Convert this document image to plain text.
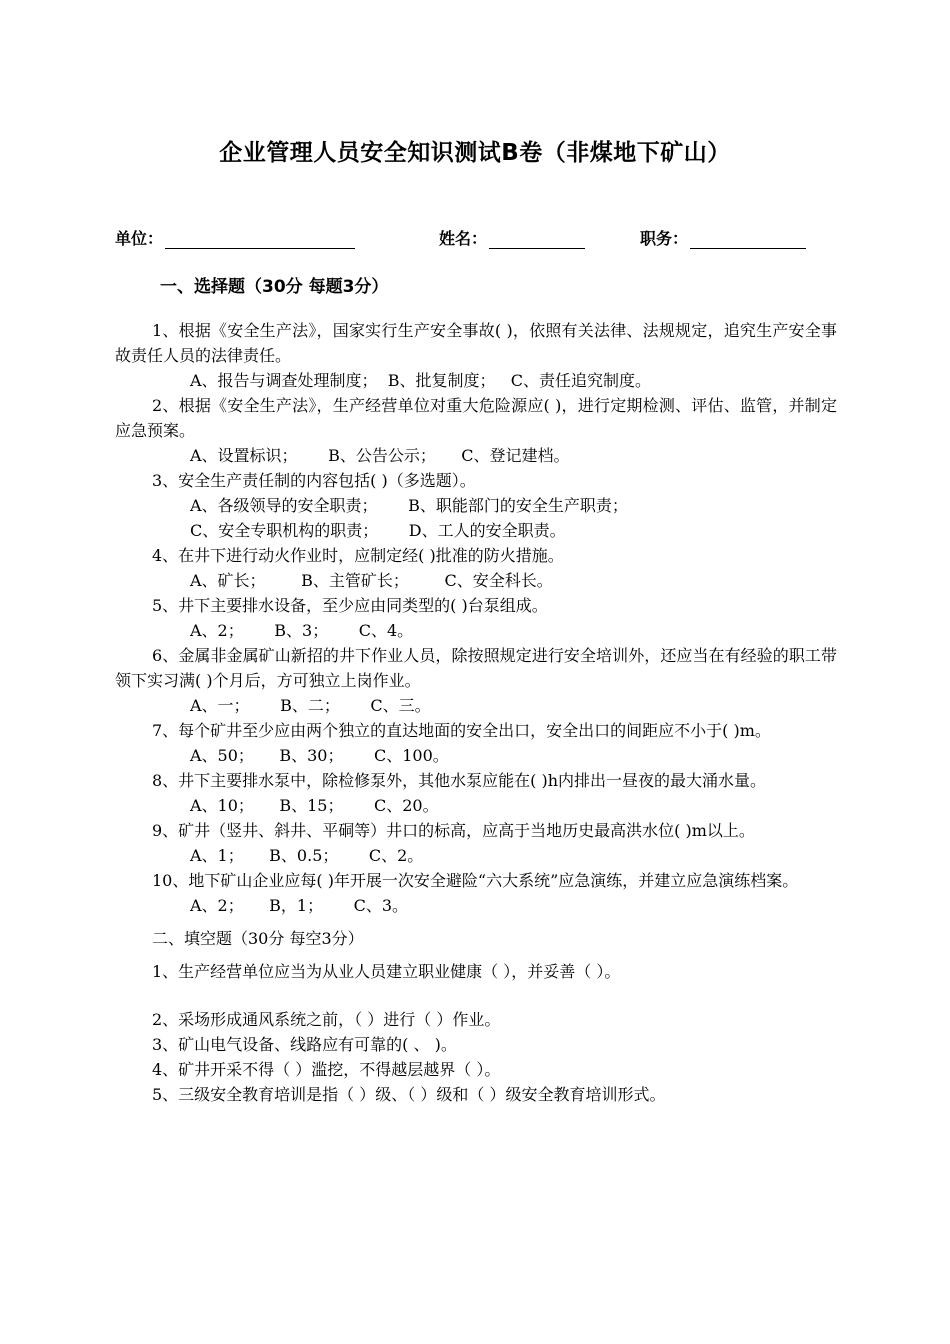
企业管理人员安全知识测试B卷（非煤地下矿山）
单位：	姓名：	职务：
一、选择题（30分 每题3分）

1、根据《安全生产法》，国家实行生产安全事故( )，依照有关法律、法规规定，追究生产安全事故责任人员的法律责任。

A、报告与调查处理制度；  B、批复制度；   C、责任追究制度。

2、根据《安全生产法》，生产经营单位对重大危险源应( )，进行定期检测、评估、监管，并制定应急预案。

A、设置标识；      B、公告公示；     C、登记建档。

3、安全生产责任制的内容包括( )（多选题）。

A、各级领导的安全职责；      B、职能部门的安全生产职责；

C、安全专职机构的职责；      D、工人的安全职责。

4、在井下进行动火作业时，应制定经( )批准的防火措施。

A、矿长；       B、主管矿长；       C、安全科长。

5、井下主要排水设备，至少应由同类型的( )台泵组成。

A、2；      B、3；      C、4。

6、金属非金属矿山新招的井下作业人员，除按照规定进行安全培训外，还应当在有经验的职工带领下实习满( )个月后，方可独立上岗作业。

A、一；      B、二；      C、三。

7、每个矿井至少应由两个独立的直达地面的安全出口，安全出口的间距应不小于( )m。

A、50；     B、30；      C、100。

8、井下主要排水泵中，除检修泵外，其他水泵应能在( )h内排出一昼夜的最大涌水量。

A、10；     B、15；      C、20。

9、矿井（竖井、斜井、平硐等）井口的标高，应高于当地历史最高洪水位( )m以上。

A、1；     B、0.5；      C、2。

10、地下矿山企业应每( )年开展一次安全避险“六大系统”应急演练，并建立应急演练档案。

A、2；     B，1；      C、3。

二、填空题（30分 每空3分）

1、生产经营单位应当为从业人员建立职业健康（ ），并妥善（ ）。

2、采场形成通风系统之前，（ ）进行（ ）作业。

3、矿山电气设备、线路应有可靠的( 、 )。

4、矿井开采不得（ ）滥挖，不得越层越界（ ）。

5、三级安全教育培训是指（ ）级、（ ）级和（ ）级安全教育培训形式。
